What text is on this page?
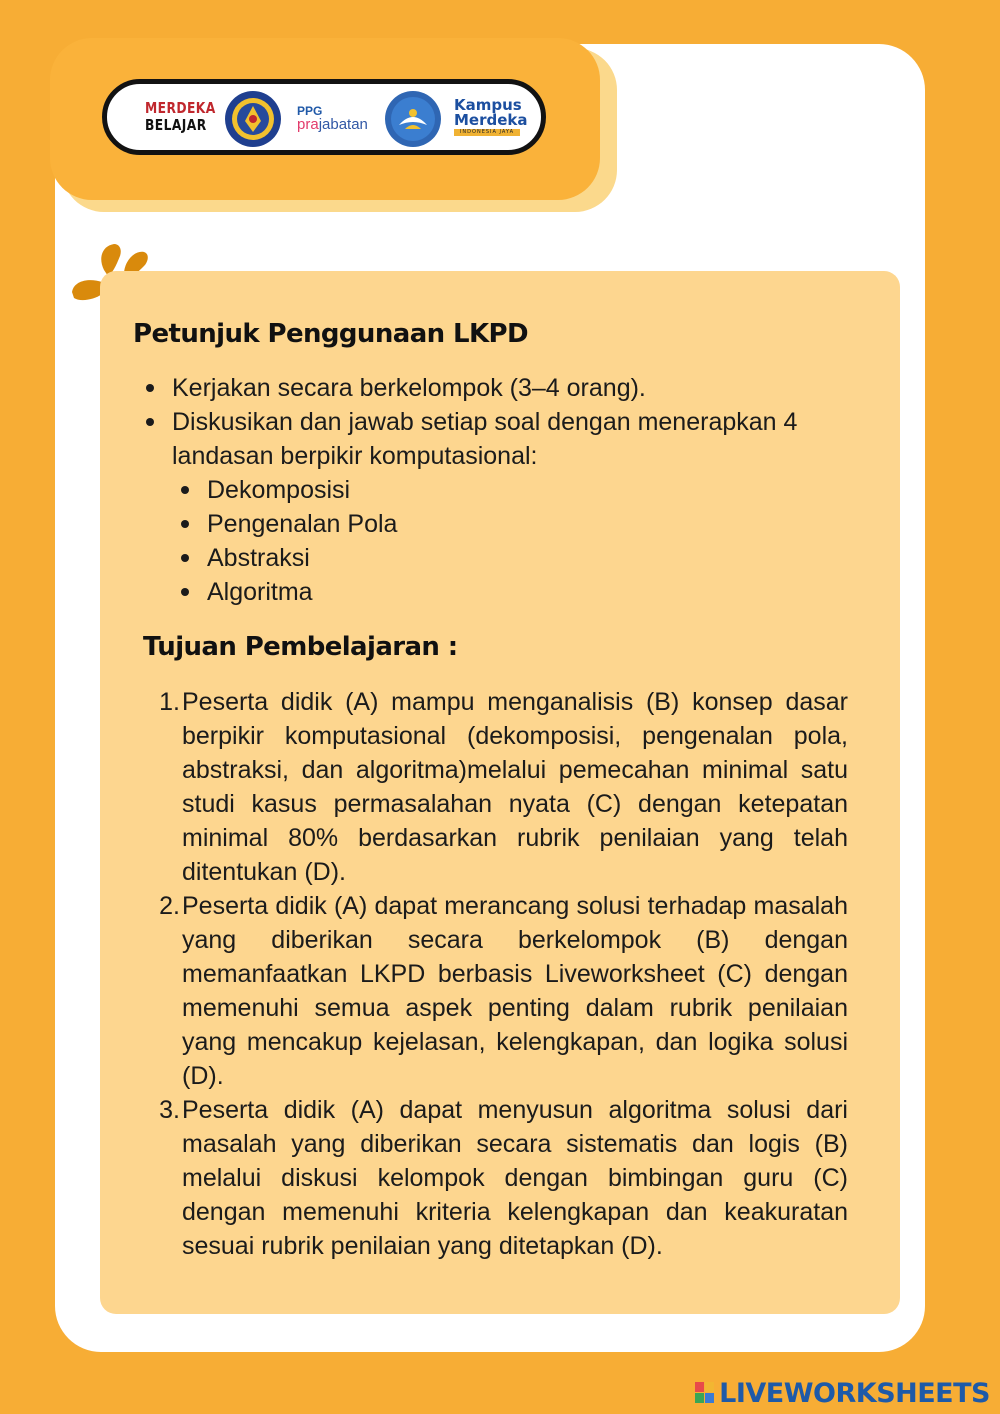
MERDEKA
BELAJAR
PPG
prajabatan
Kampus
Merdeka
INDONESIA JAYA
Petunjuk Penggunaan LKPD
Kerjakan secara berkelompok (3–4 orang).
Diskusikan dan jawab setiap soal dengan menerapkan 4 landasan berpikir komputasional:
Dekomposisi
Pengenalan Pola
Abstraksi
Algoritma
Tujuan Pembelajaran :
1. Peserta didik (A) mampu menganalisis (B) konsep dasar berpikir komputasional (dekomposisi, pengenalan pola, abstraksi, dan algoritma)melalui pemecahan minimal satu studi kasus permasalahan nyata (C) dengan ketepatan minimal 80% berdasarkan rubrik penilaian yang telah ditentukan (D).
2. Peserta didik (A) dapat merancang solusi terhadap masalah yang diberikan secara berkelompok (B) dengan memanfaatkan LKPD berbasis Liveworksheet (C) dengan memenuhi semua aspek penting dalam rubrik penilaian yang mencakup kejelasan, kelengkapan, dan logika solusi (D).
3. Peserta didik (A) dapat menyusun algoritma solusi dari masalah yang diberikan secara sistematis dan logis (B) melalui diskusi kelompok dengan bimbingan guru (C) dengan memenuhi kriteria kelengkapan dan keakuratan sesuai rubrik penilaian yang ditetapkan (D).
LIVEWORKSHEETS
